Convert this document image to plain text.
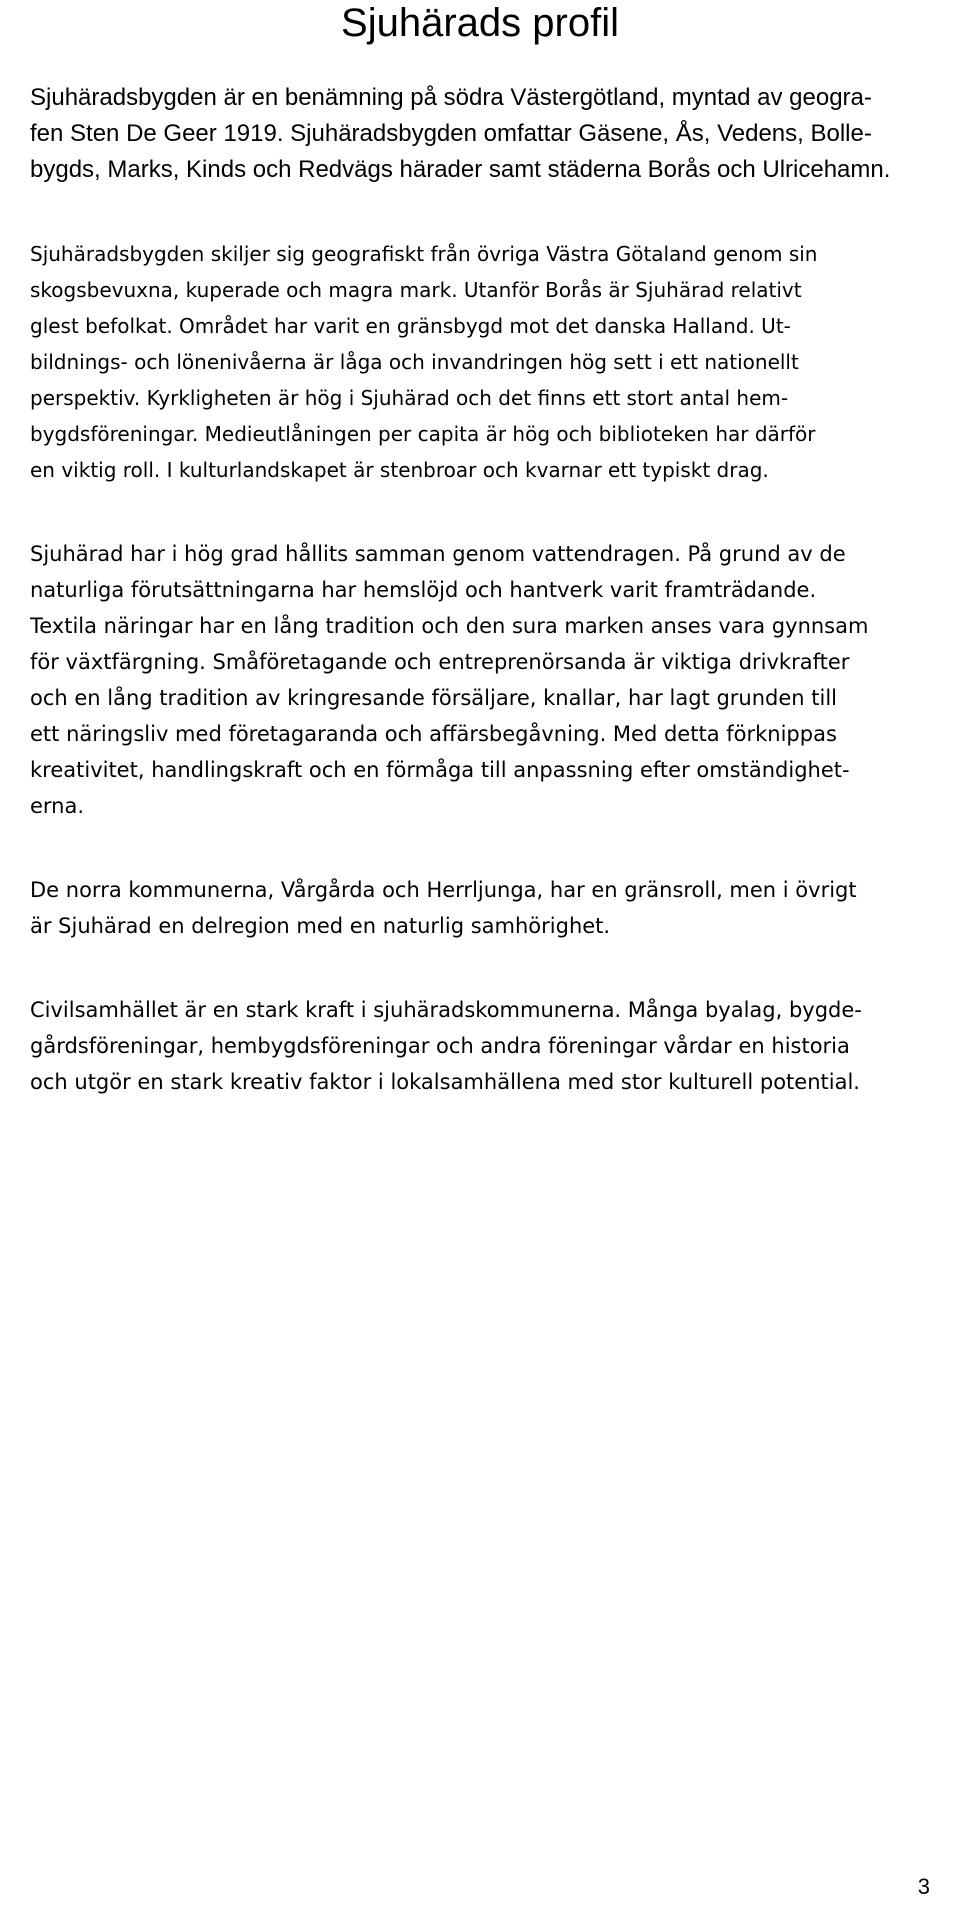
Sjuhärads profil

Sjuhäradsbygden är en benämning på södra Västergötland, myntad av geogra-

fen Sten De Geer 1919. Sjuhäradsbygden omfattar Gäsene, Ås, Vedens, Bolle-

bygds, Marks, Kinds och Redvägs härader samt städerna Borås och Ulricehamn.

Sjuhäradsbygden skiljer sig geografiskt från övriga Västra Götaland genom sin

skogsbevuxna, kuperade och magra mark. Utanför Borås är Sjuhärad relativt

glest befolkat. Området har varit en gränsbygd mot det danska Halland. Ut-

bildnings- och lönenivåerna är låga och invandringen hög sett i ett nationellt

perspektiv. Kyrkligheten är hög i Sjuhärad och det finns ett stort antal hem-

bygdsföreningar. Medieutlåningen per capita är hög och biblioteken har därför

en viktig roll. I kulturlandskapet är stenbroar och kvarnar ett typiskt drag.

Sjuhärad har i hög grad hållits samman genom vattendragen. På grund av de

naturliga förutsättningarna har hemslöjd och hantverk varit framträdande.

Textila näringar har en lång tradition och den sura marken anses vara gynnsam

för växtfärgning. Småföretagande och entreprenörsanda är viktiga drivkrafter

och en lång tradition av kringresande försäljare, knallar, har lagt grunden till

ett näringsliv med företagaranda och affärsbegåvning. Med detta förknippas

kreativitet, handlingskraft och en förmåga till anpassning efter omständighet-

erna.

De norra kommunerna, Vårgårda och Herrljunga, har en gränsroll, men i övrigt

är Sjuhärad en delregion med en naturlig samhörighet.

Civilsamhället är en stark kraft i sjuhäradskommunerna. Många byalag, bygde-

gårdsföreningar, hembygdsföreningar och andra föreningar vårdar en historia

och utgör en stark kreativ faktor i lokalsamhällena med stor kulturell potential.

3
